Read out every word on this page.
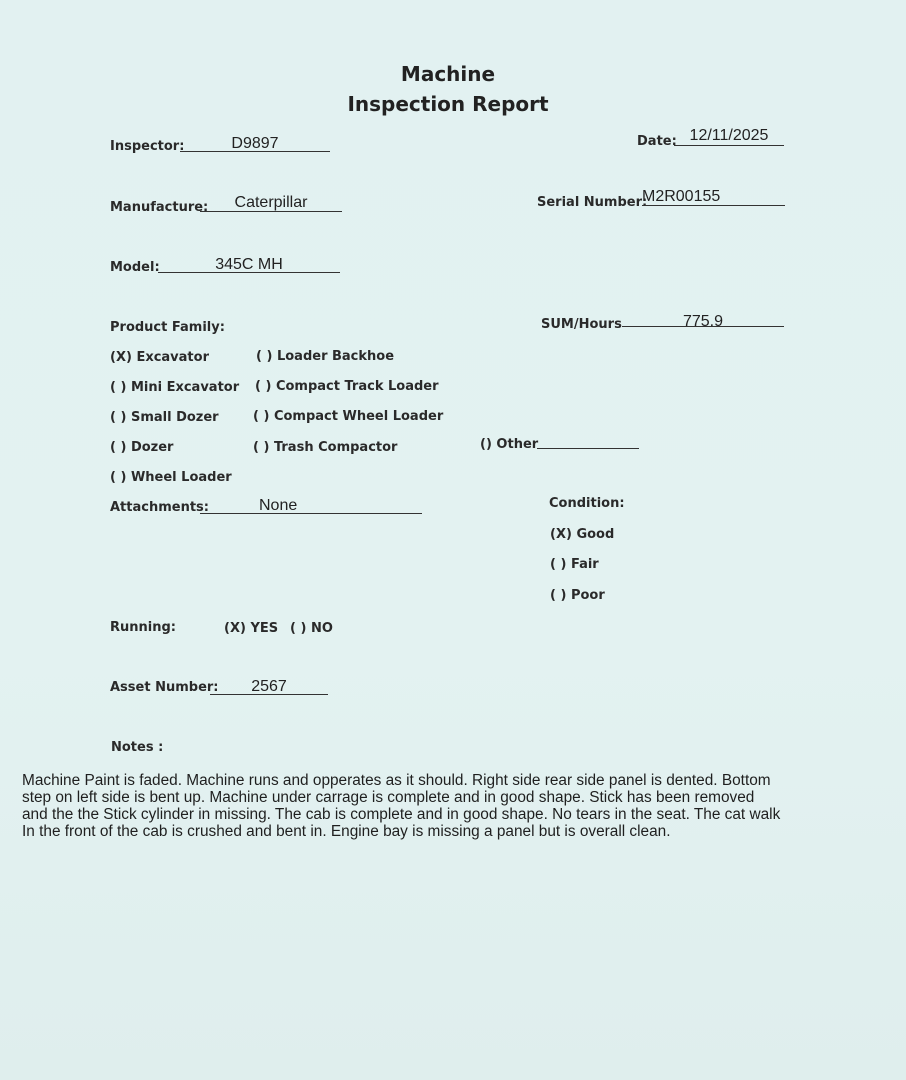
Machine
Inspection Report
Inspector:	D9897	Date: 12/11/2025
Manufacture:	Caterpillar	Serial Number:
M2R00155
Model:	345C MH
Product Family:	SUM/Hours	775.9
(X) Excavator
( ) Mini Excavator
( ) Small Dozer
( ) Dozer
( ) Wheel Loader
( ) Loader Backhoe
( ) Compact Track Loader
( ) Compact Wheel Loader
( ) Trash Compactor	() Other
Attachments:	None	Condition:
(X) Good
( ) Fair
( ) Poor
Running:	(X) YES ( ) NO
Asset Number:	2567
Notes :
Machine Paint is faded. Machine runs and opperates as it should. Right side rear side panel is dented. Bottom
step on left side is bent up. Machine under carrage is complete and in good shape. Stick has been removed
and the the Stick cylinder in missing. The cab is complete and in good shape. No tears in the seat. The cat walk
In the front of the cab is crushed and bent in. Engine bay is missing a panel but is overall clean.
